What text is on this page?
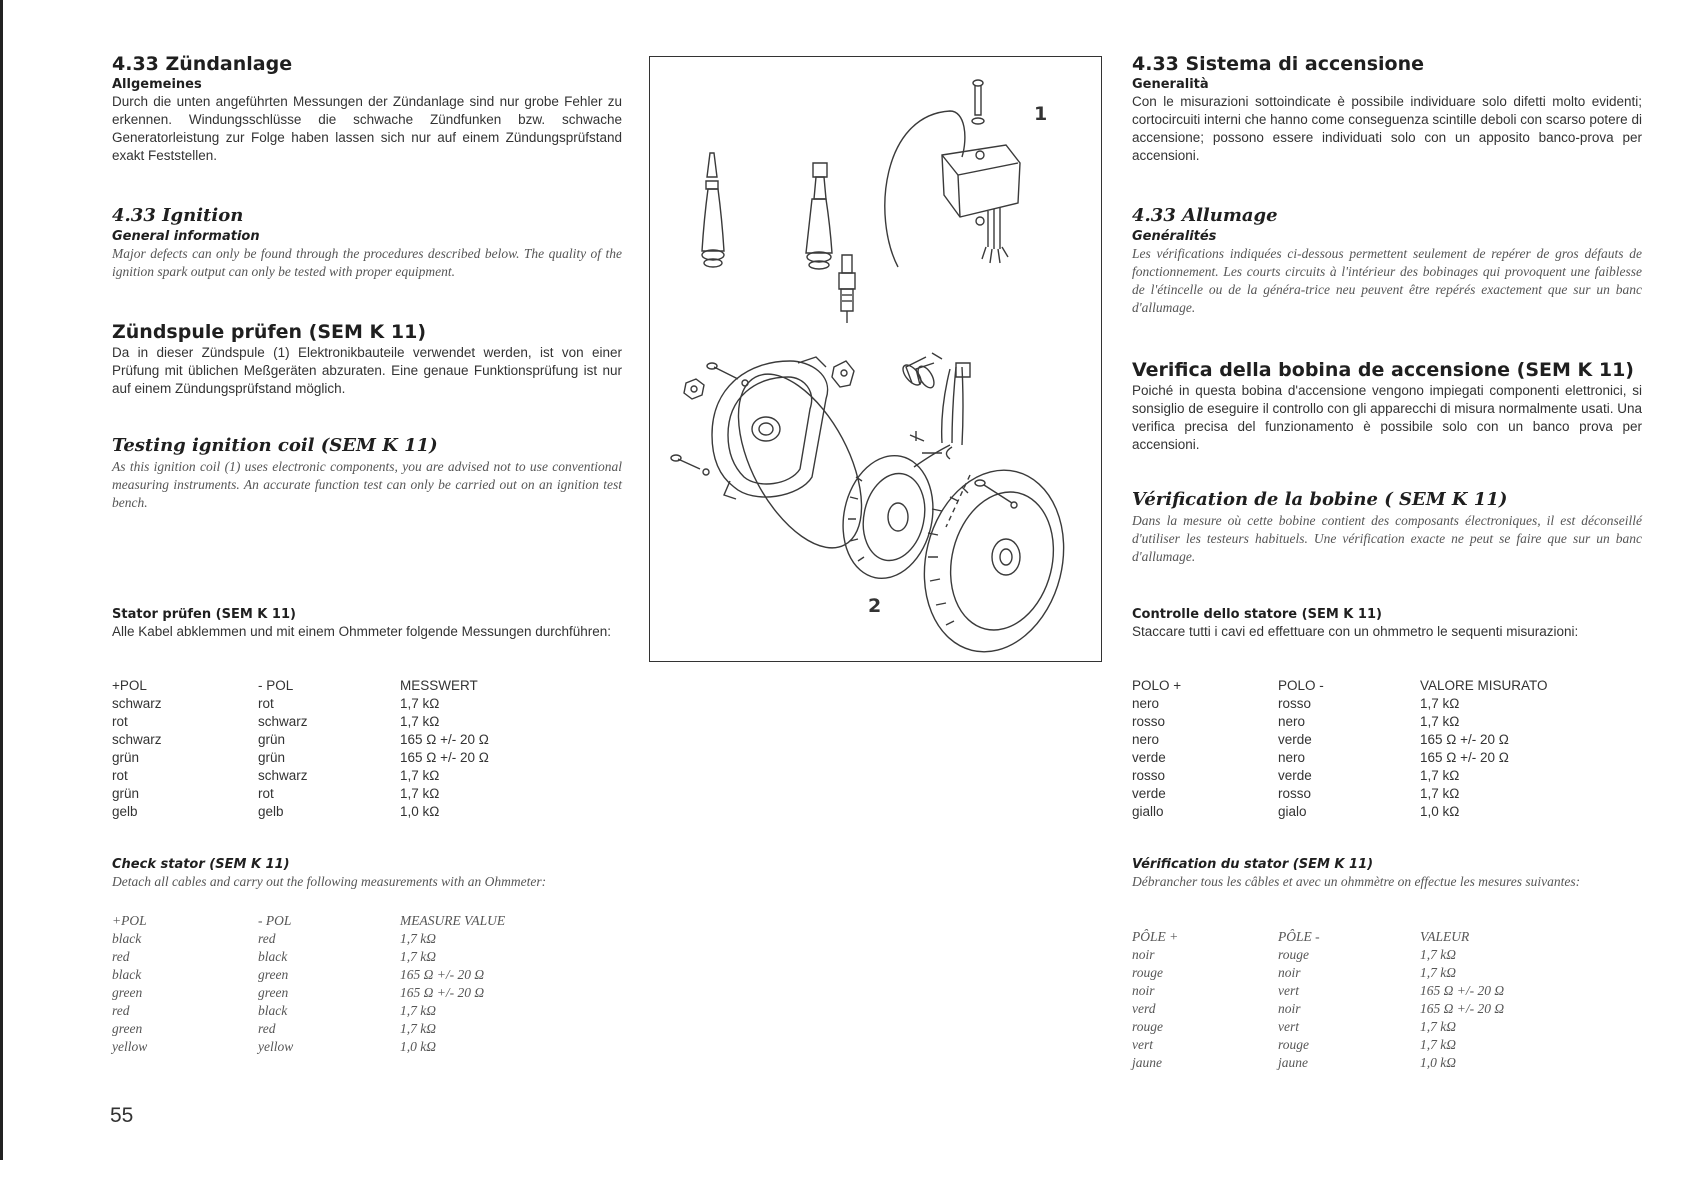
4.33 Zündanlage
Allgemeines

Durch die unten angeführten Messungen der Zündanlage sind nur grobe Fehler zu erkennen. Windungsschlüsse die schwache Zündfunken bzw. schwache Generatorleistung zur Folge haben lassen sich nur auf einem Zündungsprüfstand exakt Feststellen.

4.33 Ignition
General information

Major defects can only be found through the procedures described below. The quality of the ignition spark output can only be tested with proper equipment.

Zündspule prüfen (SEM K 11)

Da in dieser Zündspule (1) Elektronikbauteile verwendet werden, ist von einer Prüfung mit üblichen Meßgeräten abzuraten. Eine genaue Funktionsprüfung ist nur auf einem Zündungsprüfstand möglich.

Testing ignition coil (SEM K 11)

As this ignition coil (1) uses electronic components, you are advised not to use conventional measuring instruments. An accurate function test can only be carried out on an ignition test bench.

Stator prüfen (SEM K 11)

Alle Kabel abklemmen und mit einem Ohmmeter folgende Messungen durchführen:

+POL	- POL	MESSWERT
schwarz	rot	1,7 kΩ
rot	schwarz	1,7 kΩ
schwarz	grün	165 Ω +/- 20 Ω
grün	grün	165 Ω +/- 20 Ω
rot	schwarz	1,7 kΩ
grün	rot	1,7 kΩ
gelb	gelb	1,0 kΩ
Check stator (SEM K 11)

Detach all cables and carry out the following measurements with an Ohmmeter:

+POL	- POL	MEASURE VALUE
black	red	1,7 kΩ
red	black	1,7 kΩ
black	green	165 Ω +/- 20 Ω
green	green	165 Ω +/- 20 Ω
red	black	1,7 kΩ
green	red	1,7 kΩ
yellow	yellow	1,0 kΩ
1
2
4.33 Sistema di accensione
Generalità

Con le misurazioni sottoindicate è possibile individuare solo difetti molto evidenti; cortocircuiti interni che hanno come conseguenza scintille deboli con scarso potere di accensione; possono essere individuati solo con un apposito banco-prova per accensioni.

4.33 Allumage
Genéralités

Les vérifications indiquées ci-dessous permettent seulement de repérer de gros défauts de fonctionnement. Les courts circuits à l'intérieur des bobinages qui provoquent une faiblesse de l'étincelle ou de la généra-trice neu peuvent être repérés exactement que sur un banc d'allumage.

Verifica della bobina de accensione (SEM K 11)

Poiché in questa bobina d'accensione vengono impiegati componenti elettronici, si sonsiglio de eseguire il controllo con gli apparecchi di misura normalmente usati. Una verifica precisa del funzionamento è possibile solo con un banco prova per accensioni.

Vérification de la bobine ( SEM K 11)

Dans la mesure où cette bobine contient des composants électroniques, il est déconseillé d'utiliser les testeurs habituels. Une vérification exacte ne peut se faire que sur un banc d'allumage.

Controlle dello statore (SEM K 11)

Staccare tutti i cavi ed effettuare con un ohmmetro le sequenti misurazioni:

POLO +	POLO -	VALORE MISURATO
nero	rosso	1,7 kΩ
rosso	nero	1,7 kΩ
nero	verde	165 Ω +/- 20 Ω
verde	nero	165 Ω +/- 20 Ω
rosso	verde	1,7 kΩ
verde	rosso	1,7 kΩ
giallo	gialo	1,0 kΩ
Vérification du stator (SEM K 11)

Débrancher tous les câbles et avec un ohmmètre on effectue les mesures suivantes:

PÔLE +	PÔLE -	VALEUR
noir	rouge	1,7 kΩ
rouge	noir	1,7 kΩ
noir	vert	165 Ω +/- 20 Ω
verd	noir	165 Ω +/- 20 Ω
rouge	vert	1,7 kΩ
vert	rouge	1,7 kΩ
jaune	jaune	1,0 kΩ
55
